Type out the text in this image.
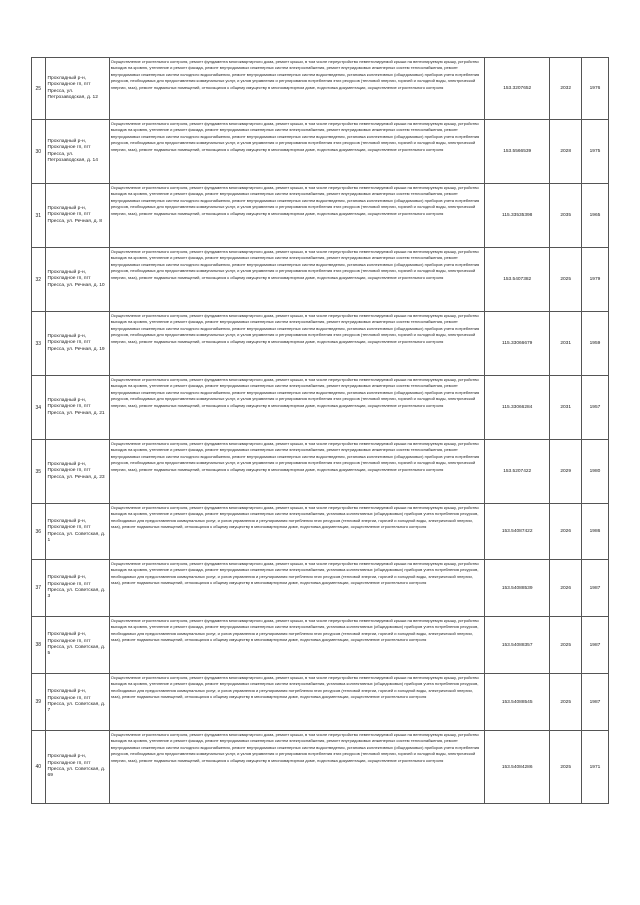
25	Прохладный р-н, Прохладное гп, пгт Пресса, ул. Петрозаводская, д. 12	Осуществление строительного контроля, ремонт фундамента многоквартирного дома, ремонт крыши, в том числе переустройство невентилируемой крыши на вентилируемую крышу, устройство выходов на кровлю, утепление и ремонт фасада, ремонт внутридомовых инженерных систем электроснабжения, ремонт внутридомовых инженерных систем теплоснабжения, ремонт внутридомовых инженерных систем холодного водоснабжения, ремонт внутридомовых инженерных систем водоотведения, установка коллективных (общедомовых) приборов учета потребления ресурсов, необходимых для предоставления коммунальных услуг, и узлов управления и регулирования потребления этих ресурсов (тепловой энергии, горячей и холодной воды, электрической энергии, газа), ремонт подвальных помещений, относящихся к общему имуществу в многоквартирном доме, подготовка документации, осуществление строительного контроля	153.3207652	2032	1976
30	Прохладный р-н, Прохладное гп, пгт Пресса, ул. Петрозаводская, д. 14	Осуществление строительного контроля, ремонт фундамента многоквартирного дома, ремонт крыши, в том числе переустройство невентилируемой крыши на вентилируемую крышу, устройство выходов на кровлю, утепление и ремонт фасада, ремонт внутридомовых инженерных систем электроснабжения, ремонт внутридомовых инженерных систем теплоснабжения, ремонт внутридомовых инженерных систем холодного водоснабжения, ремонт внутридомовых инженерных систем водоотведения, установка коллективных (общедомовых) приборов учета потребления ресурсов, необходимых для предоставления коммунальных услуг, и узлов управления и регулирования потребления этих ресурсов (тепловой энергии, горячей и холодной воды, электрической энергии, газа), ремонт подвальных помещений, относящихся к общему имуществу в многоквартирном доме, подготовка документации, осуществление строительного контроля	153.5566539	2028	1975
31	Прохладный р-н, Прохладное гп, пгт Пресса, ул. Речная, д. 8	Осуществление строительного контроля, ремонт фундамента многоквартирного дома, ремонт крыши, в том числе переустройство невентилируемой крыши на вентилируемую крышу, устройство выходов на кровлю, утепление и ремонт фасада, ремонт внутридомовых инженерных систем электроснабжения, ремонт внутридомовых инженерных систем теплоснабжения, ремонт внутридомовых инженерных систем холодного водоснабжения, ремонт внутридомовых инженерных систем водоотведения, установка коллективных (общедомовых) приборов учета потребления ресурсов, необходимых для предоставления коммунальных услуг, и узлов управления и регулирования потребления этих ресурсов (тепловой энергии, горячей и холодной воды, электрической энергии, газа), ремонт подвальных помещений, относящихся к общему имуществу в многоквартирном доме, подготовка документации, осуществление строительного контроля	115.33535398	2035	1965
32	Прохладный р-н, Прохладное гп, пгт Пресса, ул. Речная, д. 10	Осуществление строительного контроля, ремонт фундамента многоквартирного дома, ремонт крыши, в том числе переустройство невентилируемой крыши на вентилируемую крышу, устройство выходов на кровлю, утепление и ремонт фасада, ремонт внутридомовых инженерных систем электроснабжения, ремонт внутридомовых инженерных систем теплоснабжения, ремонт внутридомовых инженерных систем холодного водоснабжения, ремонт внутридомовых инженерных систем водоотведения, установка коллективных (общедомовых) приборов учета потребления ресурсов, необходимых для предоставления коммунальных услуг, и узлов управления и регулирования потребления этих ресурсов (тепловой энергии, горячей и холодной воды, электрической энергии, газа), ремонт подвальных помещений, относящихся к общему имуществу в многоквартирном доме, подготовка документации, осуществление строительного контроля	153.5407382	2025	1979
33	Прохладный р-н, Прохладное гп, пгт Пресса, ул. Речная, д. 19	Осуществление строительного контроля, ремонт фундамента многоквартирного дома, ремонт крыши, в том числе переустройство невентилируемой крыши на вентилируемую крышу, устройство выходов на кровлю, утепление и ремонт фасада, ремонт внутридомовых инженерных систем электроснабжения, ремонт внутридомовых инженерных систем теплоснабжения, ремонт внутридомовых инженерных систем холодного водоснабжения, ремонт внутридомовых инженерных систем водоотведения, установка коллективных (общедомовых) приборов учета потребления ресурсов, необходимых для предоставления коммунальных услуг, и узлов управления и регулирования потребления этих ресурсов (тепловой энергии, горячей и холодной воды, электрической энергии, газа), ремонт подвальных помещений, относящихся к общему имуществу в многоквартирном доме, подготовка документации, осуществление строительного контроля	115.33066679	2031	1959
34	Прохладный р-н, Прохладное гп, пгт Пресса, ул. Речная, д. 21	Осуществление строительного контроля, ремонт фундамента многоквартирного дома, ремонт крыши, в том числе переустройство невентилируемой крыши на вентилируемую крышу, устройство выходов на кровлю, утепление и ремонт фасада, ремонт внутридомовых инженерных систем электроснабжения, ремонт внутридомовых инженерных систем теплоснабжения, ремонт внутридомовых инженерных систем холодного водоснабжения, ремонт внутридомовых инженерных систем водоотведения, установка коллективных (общедомовых) приборов учета потребления ресурсов, необходимых для предоставления коммунальных услуг, и узлов управления и регулирования потребления этих ресурсов (тепловой энергии, горячей и холодной воды, электрической энергии, газа), ремонт подвальных помещений, относящихся к общему имуществу в многоквартирном доме, подготовка документации, осуществление строительного контроля	115.33066284	2031	1957
35	Прохладный р-н, Прохладное гп, пгт Пресса, ул. Речная, д. 23	Осуществление строительного контроля, ремонт фундамента многоквартирного дома, ремонт крыши, в том числе переустройство невентилируемой крыши на вентилируемую крышу, устройство выходов на кровлю, утепление и ремонт фасада, ремонт внутридомовых инженерных систем электроснабжения, ремонт внутридомовых инженерных систем теплоснабжения, ремонт внутридомовых инженерных систем холодного водоснабжения, ремонт внутридомовых инженерных систем водоотведения, установка коллективных (общедомовых) приборов учета потребления ресурсов, необходимых для предоставления коммунальных услуг, и узлов управления и регулирования потребления этих ресурсов (тепловой энергии, горячей и холодной воды, электрической энергии, газа), ремонт подвальных помещений, относящихся к общему имуществу в многоквартирном доме, подготовка документации, осуществление строительного контроля	153.5207422	2029	1980
36	Прохладный р-н, Прохладное гп, пгт Пресса, ул. Советская, д. 1	Осуществление строительного контроля, ремонт фундамента многоквартирного дома, ремонт крыши, в том числе переустройство невентилируемой крыши на вентилируемую крышу, устройство выходов на кровлю, утепление и ремонт фасада, ремонт внутридомовых инженерных систем электроснабжения, установка коллективных (общедомовых) приборов учета потребления ресурсов, необходимых для предоставления коммунальных услуг, и узлов управления и регулирования потребления этих ресурсов (тепловой энергии, горячей и холодной воды, электрической энергии, газа), ремонт подвальных помещений, относящихся к общему имуществу в многоквартирном доме, подготовка документации, осуществление строительного контроля	153.54087422	2026	1986
37	Прохладный р-н, Прохладное гп, пгт Пресса, ул. Советская, д. 3	Осуществление строительного контроля, ремонт фундамента многоквартирного дома, ремонт крыши, в том числе переустройство невентилируемой крыши на вентилируемую крышу, устройство выходов на кровлю, утепление и ремонт фасада, ремонт внутридомовых инженерных систем электроснабжения, установка коллективных (общедомовых) приборов учета потребления ресурсов, необходимых для предоставления коммунальных услуг, и узлов управления и регулирования потребления этих ресурсов (тепловой энергии, горячей и холодной воды, электрической энергии, газа), ремонт подвальных помещений, относящихся к общему имуществу в многоквартирном доме, подготовка документации, осуществление строительного контроля	153.54088539	2026	1987
38	Прохладный р-н, Прохладное гп, пгт Пресса, ул. Советская, д. 5	Осуществление строительного контроля, ремонт фундамента многоквартирного дома, ремонт крыши, в том числе переустройство невентилируемой крыши на вентилируемую крышу, устройство выходов на кровлю, утепление и ремонт фасада, ремонт внутридомовых инженерных систем электроснабжения, установка коллективных (общедомовых) приборов учета потребления ресурсов, необходимых для предоставления коммунальных услуг, и узлов управления и регулирования потребления этих ресурсов (тепловой энергии, горячей и холодной воды, электрической энергии, газа), ремонт подвальных помещений, относящихся к общему имуществу в многоквартирном доме, подготовка документации, осуществление строительного контроля	153.54088357	2025	1987
39	Прохладный р-н, Прохладное гп, пгт Пресса, ул. Советская, д. 7	Осуществление строительного контроля, ремонт фундамента многоквартирного дома, ремонт крыши, в том числе переустройство невентилируемой крыши на вентилируемую крышу, устройство выходов на кровлю, утепление и ремонт фасада, ремонт внутридомовых инженерных систем электроснабжения, установка коллективных (общедомовых) приборов учета потребления ресурсов, необходимых для предоставления коммунальных услуг, и узлов управления и регулирования потребления этих ресурсов (тепловой энергии, горячей и холодной воды, электрической энергии, газа), ремонт подвальных помещений, относящихся к общему имуществу в многоквартирном доме, подготовка документации, осуществление строительного контроля	153.54088545	2025	1987
40	Прохладный р-н, Прохладное гп, пгт Пресса, ул. Советская, д. 69	Осуществление строительного контроля, ремонт фундамента многоквартирного дома, ремонт крыши, в том числе переустройство невентилируемой крыши на вентилируемую крышу, устройство выходов на кровлю, утепление и ремонт фасада, ремонт внутридомовых инженерных систем электроснабжения, ремонт внутридомовых инженерных систем теплоснабжения, ремонт внутридомовых инженерных систем холодного водоснабжения, ремонт внутридомовых инженерных систем водоотведения, установка коллективных (общедомовых) приборов учета потребления ресурсов, необходимых для предоставления коммунальных услуг, и узлов управления и регулирования потребления этих ресурсов (тепловой энергии, горячей и холодной воды, электрической энергии, газа), ремонт подвальных помещений, относящихся к общему имуществу в многоквартирном доме, подготовка документации, осуществление строительного контроля	153.54084286	2025	1971
